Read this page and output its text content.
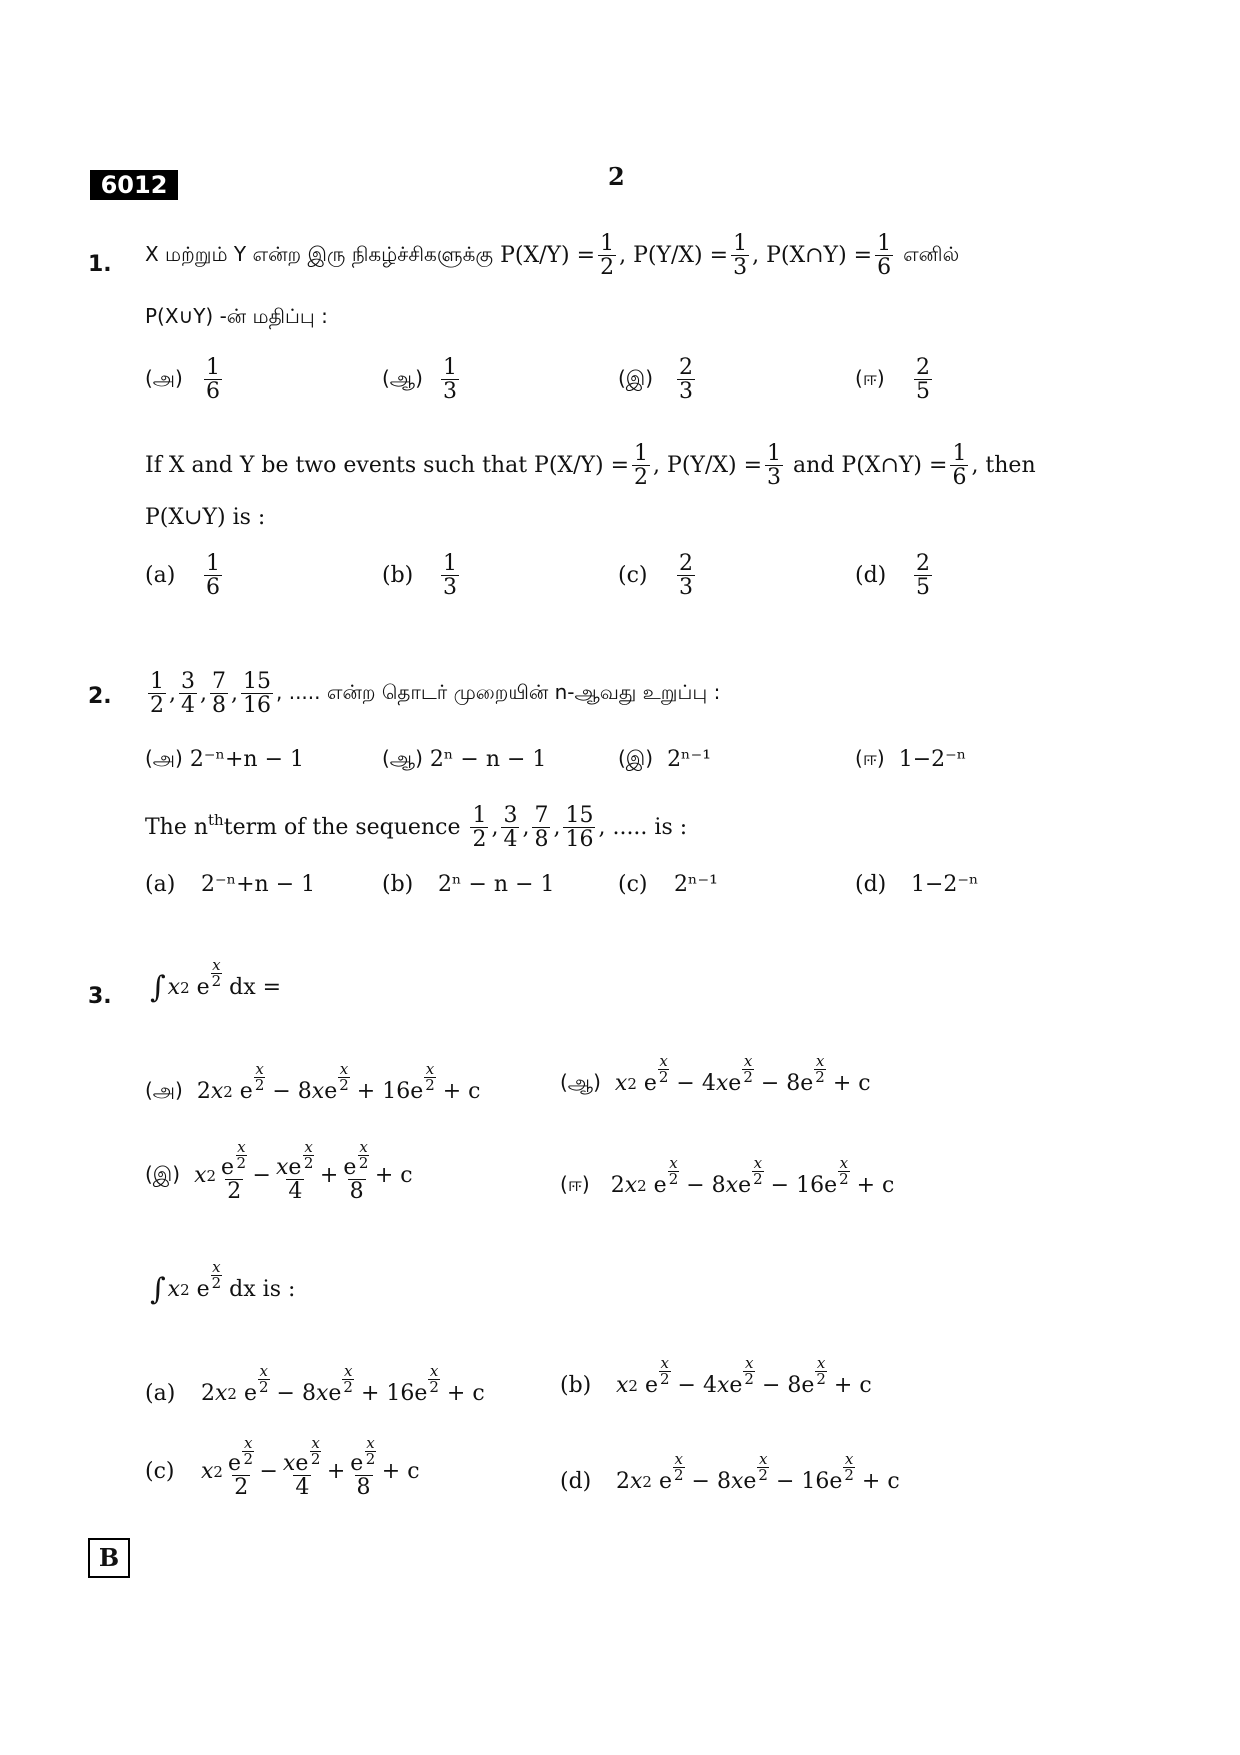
6012	2
1. X மற்றும் Y என்ற இரு நிகழ்ச்சிகளுக்கு
$P(X/Y) = \frac{1}{2}$ , $P(Y/X) = \frac{1}{3}$ , P(X∩Y) = $\frac{1}{6}$
எனில்
P(X∪Y) -ன் மதிப்பு :
(அ)	1
6
(ஆ) 1
3
(இ)	2
3
(ஈ)	2
5
If X and Y be two events such that
$P(X/Y) = \frac{1}{2}$ , $P(Y/X) = \frac{1}{3}$
and
P(X∩Y) = $\frac{1}{6}$ , then
P(X∪Y) is :
(a)	1
6	(b)	1
3	(c)	2
3	(d)	2
5
2.
1
2 , 3
4 , 7
8 , 15
16
, ..... என்ற தொடர் முறையின் n-ஆவது உறுப்பு :
(அ)
2⁻ⁿ+n − 1	(ஆ)
2ⁿ − n − 1	(இ)
2ⁿ⁻¹	(ஈ)
1−2⁻ⁿ
The $n^{th}$ term of the sequence
1
2 , 3
4 , 7
8 , 15
16 , ..... is :
(a)	2⁻ⁿ+n − 1	(b)	2ⁿ − n − 1	(c)	2ⁿ⁻¹	(d)	1−2⁻ⁿ
3. ∫ x 2 e
x
2
dx =
(அ) 2 x 2 e
x
2 − 8 x e
x
2 + 16e
x
2 + c	(ஆ)
x 2 e
x
2 − 4 x e
x
2 − 8e
x
2 + c
(இ)
x 2 e $\frac{x}{2}$
2
− xe $\frac{x}{2}$
4
+ e $\frac{x}{2}$
8
+ c	(ஈ) 2 x 2 e
x
2 − 8 x e
x
2 − 16e
x
2 + c
∫ x 2 e
x
2
dx is :
(a)	2 x 2 e
x
2 − 8 x e
x
2 + 16e
x
2 + c	(b)	x 2 e
x
2 − 4 x e
x
2 − 8e
x
2 + c
(c)	x 2 e $\frac{x}{2}$
2
− xe $\frac{x}{2}$
4
+ e $\frac{x}{2}$
8
+ c	(d)	2 x 2 e
x
2 − 8 x e
x
2 − 16e
x
2 + c
B
